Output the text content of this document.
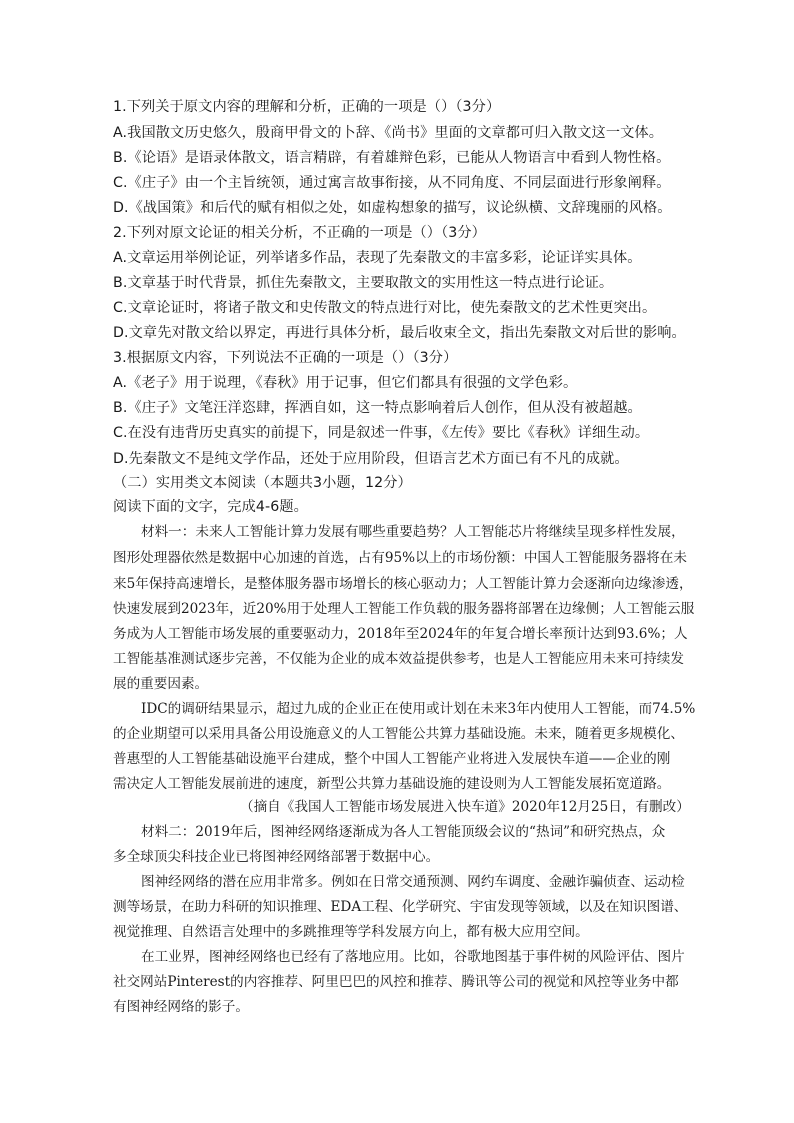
1.下列关于原文内容的理解和分析，正确的一项是（）（3分）
A.我国散文历史悠久，殷商甲骨文的卜辞、《尚书》里面的文章都可归入散文这一文体。
B.《论语》是语录体散文，语言精辟，有着雄辩色彩，已能从人物语言中看到人物性格。
C.《庄子》由一个主旨统领，通过寓言故事衔接，从不同角度、不同层面进行形象阐释。
D.《战国策》和后代的赋有相似之处，如虚构想象的描写，议论纵横、文辞瑰丽的风格。
2.下列对原文论证的相关分析，不正确的一项是（）（3分）
A.文章运用举例论证，列举诸多作品，表现了先秦散文的丰富多彩，论证详实具体。
B.文章基于时代背景，抓住先秦散文，主要取散文的实用性这一特点进行论证。
C.文章论证时，将诸子散文和史传散文的特点进行对比，使先秦散文的艺术性更突出。
D.文章先对散文给以界定，再进行具体分析，最后收束全文，指出先秦散文对后世的影响。
3.根据原文内容，下列说法不正确的一项是（）（3分）
A.《老子》用于说理，《春秋》用于记事，但它们都具有很强的文学色彩。
B.《庄子》文笔汪洋恣肆，挥洒自如，这一特点影响着后人创作，但从没有被超越。
C.在没有违背历史真实的前提下，同是叙述一件事，《左传》要比《春秋》详细生动。
D.先秦散文不是纯文学作品，还处于应用阶段，但语言艺术方面已有不凡的成就。
（二）实用类文本阅读（本题共3小题，12分）
阅读下面的文字，完成4-6题。
材料一：未来人工智能计算力发展有哪些重要趋势？人工智能芯片将继续呈现多样性发展，
图形处理器依然是数据中心加速的首选，占有95%以上的市场份额：中国人工智能服务器将在未
来5年保持高速增长，是整体服务器市场增长的核心驱动力；人工智能计算力会逐渐向边缘渗透，
快速发展到2023年，近20%用于处理人工智能工作负载的服务器将部署在边缘侧；人工智能云服
务成为人工智能市场发展的重要驱动力，2018年至2024年的年复合增长率预计达到93.6%；人
工智能基准测试逐步完善，不仅能为企业的成本效益提供参考，也是人工智能应用未来可持续发
展的重要因素。
IDC的调研结果显示，超过九成的企业正在使用或计划在未来3年内使用人工智能，而74.5%
的企业期望可以采用具备公用设施意义的人工智能公共算力基础设施。未来，随着更多规模化、
普惠型的人工智能基础设施平台建成，整个中国人工智能产业将进入发展快车道——企业的刚
需决定人工智能发展前进的速度，新型公共算力基础设施的建设则为人工智能发展拓宽道路。
（摘自《我国人工智能市场发展进入快车道》2020年12月25日，有删改）
材料二：2019年后，图神经网络逐渐成为各人工智能顶级会议的“热词”和研究热点，众
多全球顶尖科技企业已将图神经网络部署于数据中心。
图神经网络的潜在应用非常多。例如在日常交通预测、网约车调度、金融诈骗侦查、运动检
测等场景，在助力科研的知识推理、EDA工程、化学研究、宇宙发现等领域，以及在知识图谱、
视觉推理、自然语言处理中的多跳推理等学科发展方向上，都有极大应用空间。
在工业界，图神经网络也已经有了落地应用。比如，谷歌地图基于事件树的风险评估、图片
社交网站Pinterest的内容推荐、阿里巴巴的风控和推荐、腾讯等公司的视觉和风控等业务中都
有图神经网络的影子。
